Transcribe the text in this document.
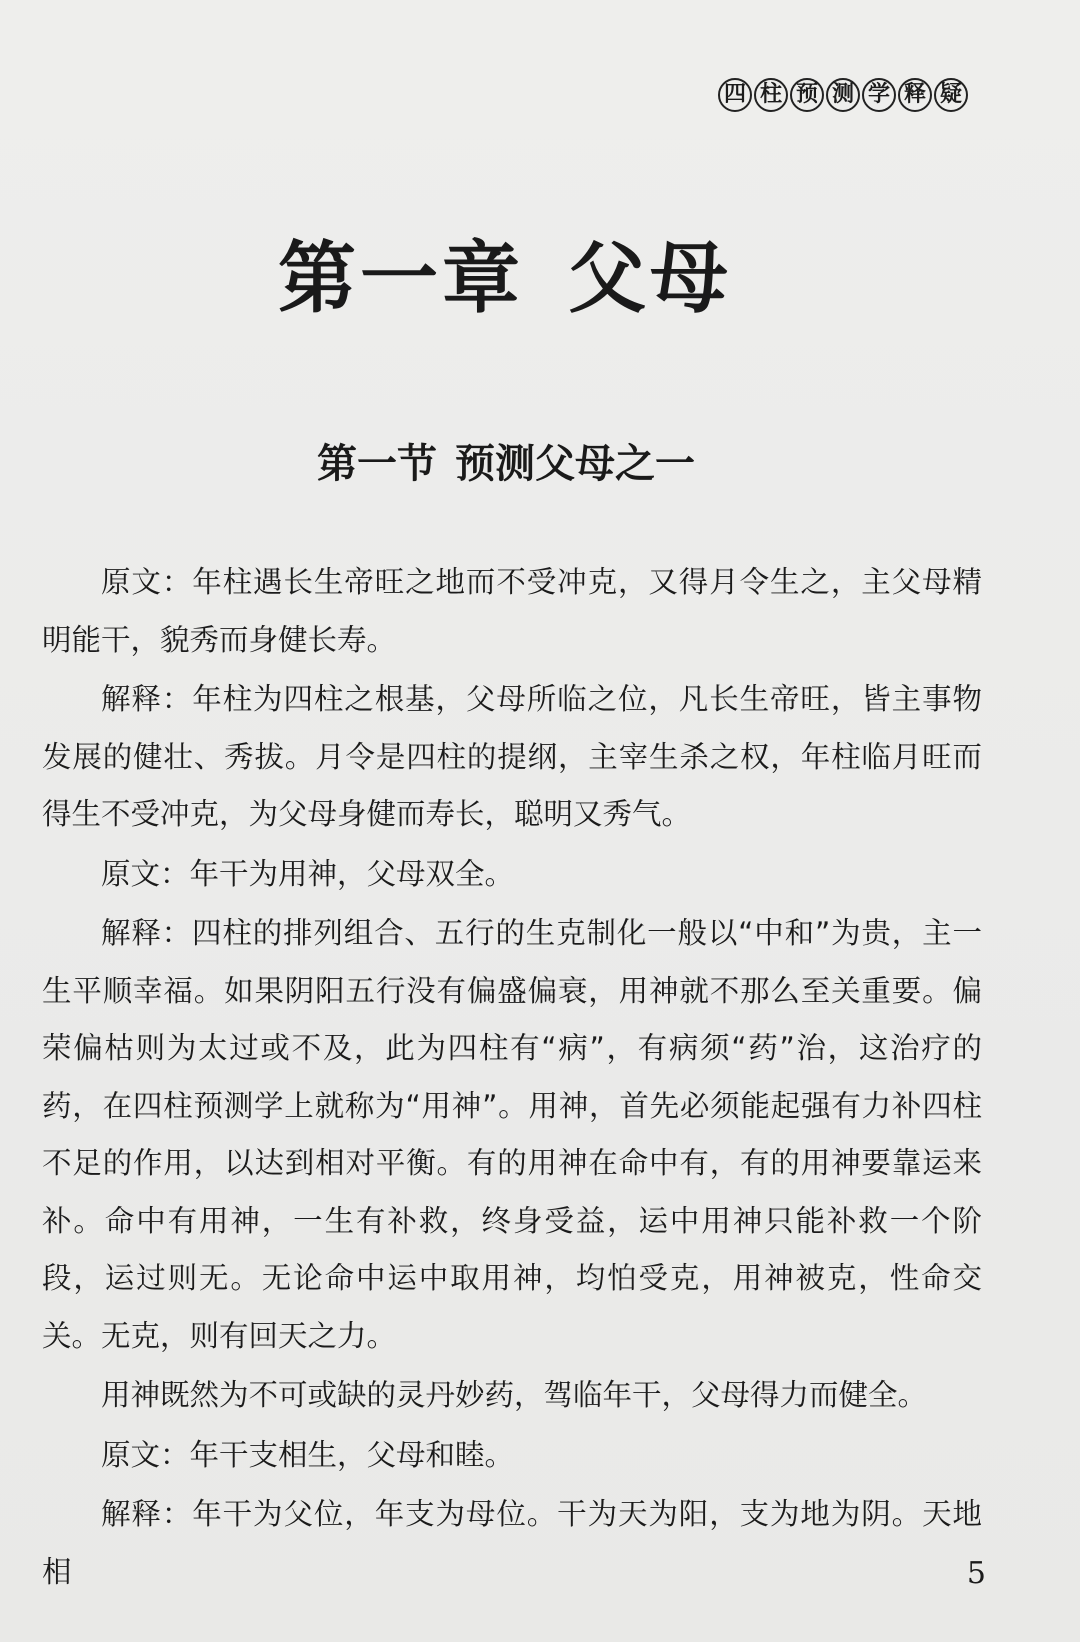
四 柱 预 测 学 释 疑
第一章 父母
第一节 预测父母之一

原文：年柱遇长生帝旺之地而不受冲克，又得月令生之，主父母精明能干，貌秀而身健长寿。

解释：年柱为四柱之根基，父母所临之位，凡长生帝旺，皆主事物发展的健壮、秀拔。月令是四柱的提纲，主宰生杀之权，年柱临月旺而得生不受冲克，为父母身健而寿长，聪明又秀气。

原文：年干为用神，父母双全。

解释：四柱的排列组合、五行的生克制化一般以“中和”为贵，主一生平顺幸福。如果阴阳五行没有偏盛偏衰，用神就不那么至关重要。偏荣偏枯则为太过或不及，此为四柱有“病”，有病须“药”治，这治疗的药，在四柱预测学上就称为“用神”。用神，首先必须能起强有力补四柱不足的作用，以达到相对平衡。有的用神在命中有，有的用神要靠运来补。命中有用神，一生有补救，终身受益，运中用神只能补救一个阶段，运过则无。无论命中运中取用神，均怕受克，用神被克，性命交关。无克，则有回天之力。

用神既然为不可或缺的灵丹妙药，驾临年干，父母得力而健全。

原文：年干支相生，父母和睦。

解释：年干为父位，年支为母位。干为天为阳，支为地为阴。天地相	5
